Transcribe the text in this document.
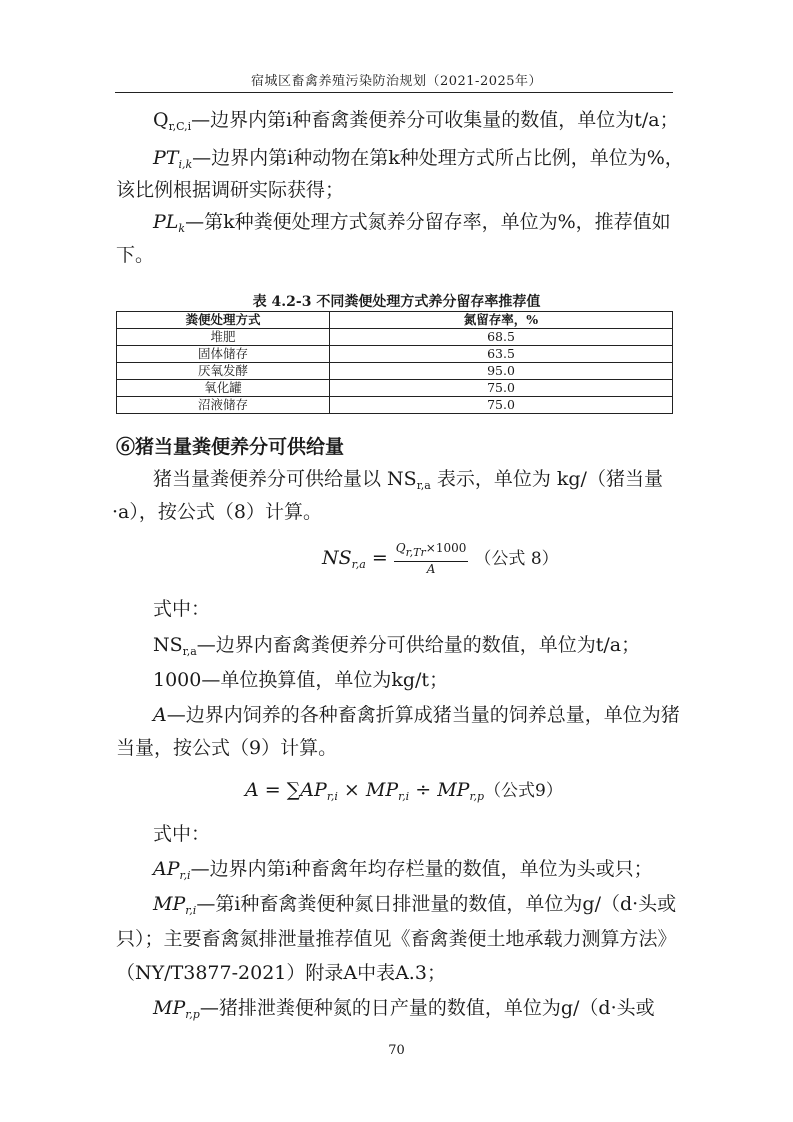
宿城区畜禽养殖污染防治规划（2021-2025年）
$Q_{r,C,i}—$边界内第i种畜禽粪便养分可收集量的数值，单位为t/a；
$PT_{i,k}—$边界内第i种动物在第k种处理方式所占比例，单位为%，
该比例根据调研实际获得；
$PL_k—$第k种粪便处理方式氮养分留存率，单位为%，推荐值如
下。
表 4.2-3 不同粪便处理方式养分留存率推荐值
粪便处理方式	氮留存率，%
堆肥	68.5
固体储存	63.5
厌氧发酵	95.0
氧化罐	75.0
沼液储存	75.0
⑥猪当量粪便养分可供给量
猪当量粪便养分可供给量以 $NS_{r,a}$ 表示，单位为 kg/（猪当量
·a），按公式（8）计算。
$NS_{r,a} = \frac{Q_{r,Tr}\times 1000}{A}$ （公式 8）
式中：
$NS_{r,a}—$边界内畜禽粪便养分可供给量的数值，单位为t/a；
1000—单位换算值，单位为kg/t；
A—边界内饲养的各种畜禽折算成猪当量的饲养总量，单位为猪
当量，按公式（9）计算。
$A = \sum AP_{r,i} \times MP_{r,i} \div MP_{r,p}$（公式9）
式中：
$AP_{r,i}—$边界内第i种畜禽年均存栏量的数值，单位为头或只；
$MP_{r,i}—$第i种畜禽粪便种氮日排泄量的数值，单位为g/（d·头或
只）；主要畜禽氮排泄量推荐值见《畜禽粪便土地承载力测算方法》
（NY/T3877-2021）附录A中表A.3；
$MP_{r,p}—$猪排泄粪便种氮的日产量的数值，单位为g/（d·头或
70
